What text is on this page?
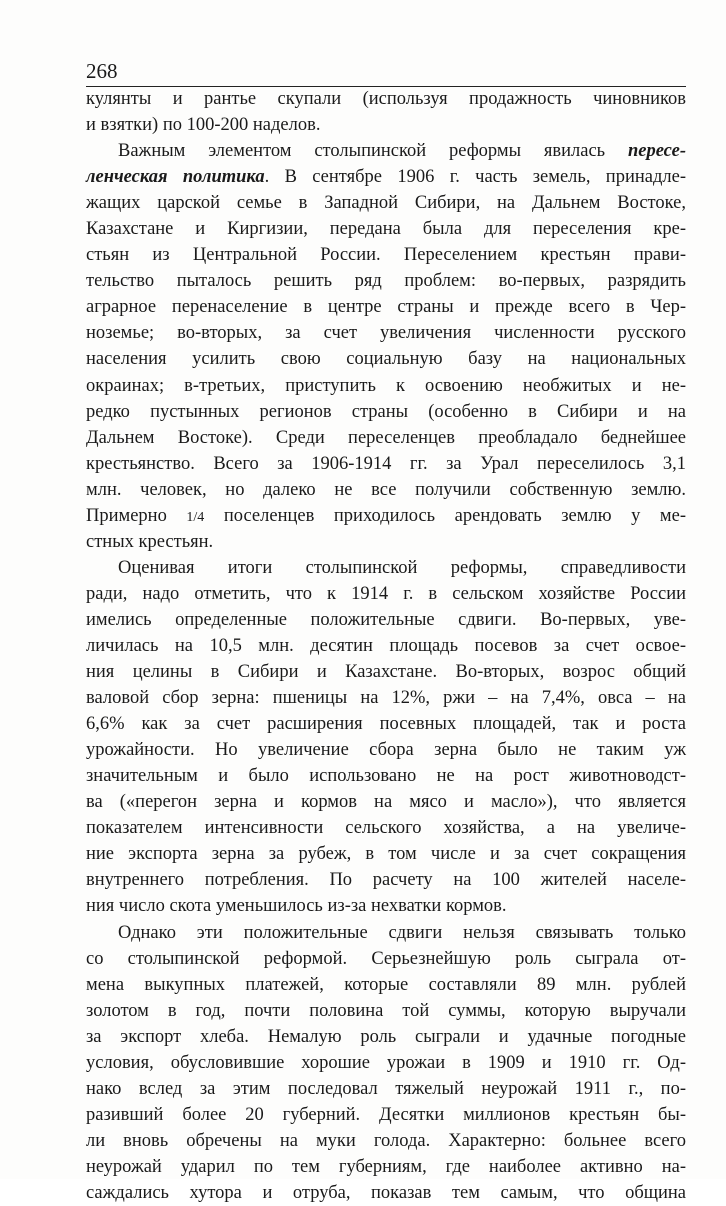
268
кулянты и рантье скупали (используя продажность чиновников
и взятки) по 100-200 наделов.
Важным элементом столыпинской реформы явилась пересе-
ленческая политика. В сентябре 1906 г. часть земель, принадле-
жащих царской семье в Западной Сибири, на Дальнем Востоке,
Казахстане и Киргизии, передана была для переселения кре-
стьян из Центральной России. Переселением крестьян прави-
тельство пыталось решить ряд проблем: во-первых, разрядить
аграрное перенаселение в центре страны и прежде всего в Чер-
ноземье; во-вторых, за счет увеличения численности русского
населения усилить свою социальную базу на национальных
окраинах; в-третьих, приступить к освоению необжитых и не-
редко пустынных регионов страны (особенно в Сибири и на
Дальнем Востоке). Среди переселенцев преобладало беднейшее
крестьянство. Всего за 1906-1914 гг. за Урал переселилось 3,1
млн. человек, но далеко не все получили собственную землю.
Примерно 1/4 поселенцев приходилось арендовать землю у ме-
стных крестьян.
Оценивая итоги столыпинской реформы, справедливости
ради, надо отметить, что к 1914 г. в сельском хозяйстве России
имелись определенные положительные сдвиги. Во-первых, уве-
личилась на 10,5 млн. десятин площадь посевов за счет освое-
ния целины в Сибири и Казахстане. Во-вторых, возрос общий
валовой сбор зерна: пшеницы на 12%, ржи – на 7,4%, овса – на
6,6% как за счет расширения посевных площадей, так и роста
урожайности. Но увеличение сбора зерна было не таким уж
значительным и было использовано не на рост животноводст-
ва («перегон зерна и кормов на мясо и масло»), что является
показателем интенсивности сельского хозяйства, а на увеличе-
ние экспорта зерна за рубеж, в том числе и за счет сокращения
внутреннего потребления. По расчету на 100 жителей населе-
ния число скота уменьшилось из-за нехватки кормов.
Однако эти положительные сдвиги нельзя связывать только
со столыпинской реформой. Серьезнейшую роль сыграла от-
мена выкупных платежей, которые составляли 89 млн. рублей
золотом в год, почти половина той суммы, которую выручали
за экспорт хлеба. Немалую роль сыграли и удачные погодные
условия, обусловившие хорошие урожаи в 1909 и 1910 гг. Од-
нако вслед за этим последовал тяжелый неурожай 1911 г., по-
разивший более 20 губерний. Десятки миллионов крестьян бы-
ли вновь обречены на муки голода. Характерно: больнее всего
неурожай ударил по тем губерниям, где наиболее активно на-
саждались хутора и отруба, показав тем самым, что община
